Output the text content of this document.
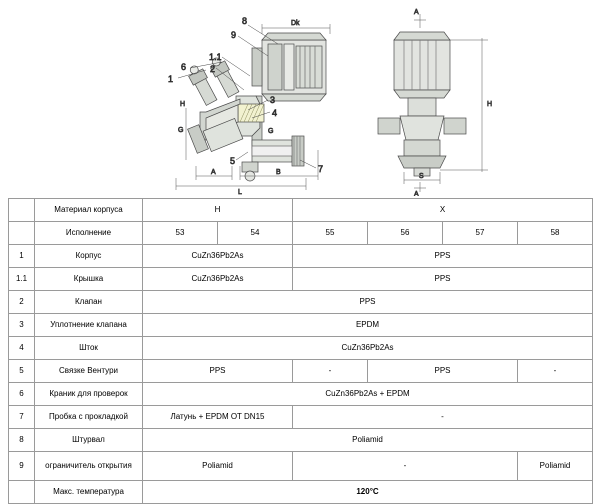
8
9
1.1
2
1
6
3
4
5
7
Dk
G	G
A	B
L
H
A
A
H
S
	Материал корпуса	H		X			
	Исполнение	53	54	55	56	57	58
1	Корпус	CuZn36Pb2As		PPS			
1.1	Крышка	CuZn36Pb2As		PPS			
2	Клапан	PPS					
3	Уплотнение клапана	EPDM					
4	Шток	CuZn36Pb2As					
5	Связке Вентури	PPS		-	PPS		-
6	Краник для проверок	CuZn36Pb2As + EPDM					
7	Пробка с прокладкой	Латунь + EPDM OT DN15		-			
8	Штурвал	Poliamid					
9	ограничитель открытия	Poliamid		-			Poliamid
	Макс. температура	120°C					
